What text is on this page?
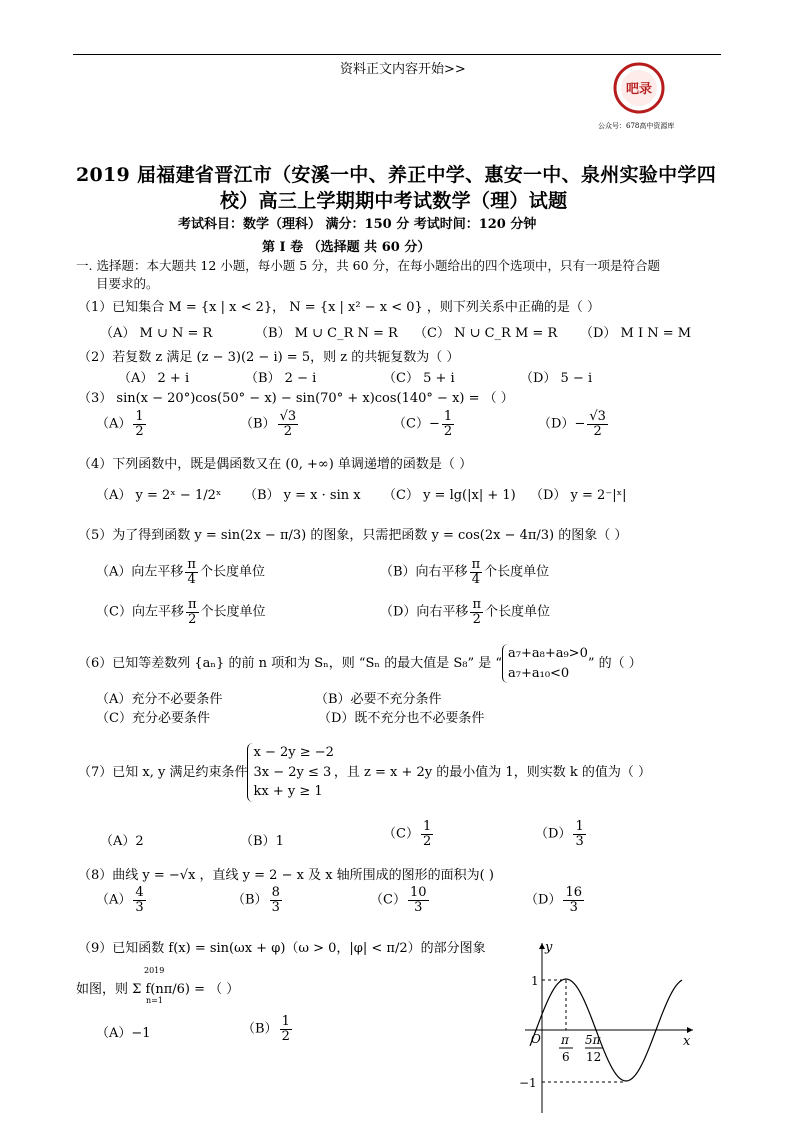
资料正文内容开始>>
吧录
公众号：678高中资源库
2019 届福建省晋江市（安溪一中、养正中学、惠安一中、泉州实验中学四
校）高三上学期期中考试数学（理）试题
考试科目：数学（理科） 满分：150 分 考试时间：120 分钟
第 Ⅰ 卷 （选择题 共 60 分）
一. 选择题：本大题共 12 小题，每小题 5 分，共 60 分，在每小题给出的四个选项中，只有一项是符合题
目要求的。
（1）已知集合 M = {x | x < 2}， N = {x | x² − x < 0} ，则下列关系中正确的是（ ）
（A） M ∪ N = R	（B） M ∪ C_R N = R （C） N ∪ C_R M = R （D） M Ⅰ N = M
（2）若复数 z 满足 (z − 3)(2 − i) = 5，则 z 的共轭复数为（ ）
（A） 2 + i	（B） 2 − i	（C） 5 + i	（D） 5 − i
（3） sin(x − 20°)cos(50° − x) − sin(70° + x)cos(140° − x) = （ ）
$(A) \frac{1}{2}$	$(B) \frac{√3}{2}$	$(C)- \frac{1}{2}$	$(D)- \frac{√3}{2}$
（4）下列函数中，既是偶函数又在 (0, +∞) 单调递增的函数是（ ）
（A） y = 2ˣ − 1/2ˣ （B） y = x · sin x （C） y = lg(|x| + 1) （D） y = 2⁻|ˣ|
（5）为了得到函数 y = sin(2x − π/3) 的图象，只需把函数 y = cos(2x − 4π/3) 的图象（ ）
（A）向左平移 $\frac{\pi}{4}$ 个长度单位	（B）向右平移 $\frac{\pi}{4}$ 个长度单位
（C）向左平移 $\frac{\pi}{2}$ 个长度单位	（D）向右平移 $\frac{\pi}{2}$ 个长度单位
（6）已知等差数列 {aₙ} 的前 n 项和为 Sₙ，则 “Sₙ 的最大值是 S₈” 是 “a₇+a₈+a₉>0
a₇+a₁₀<0” 的（ ）
（A）充分不必要条件	（B）必要不充分条件
（C）充分必要条件	（D）既不充分也不必要条件
（7）已知 x, y 满足约束条件x − 2y ≥ −2
3x − 2y ≤ 3
kx + y ≥ 1，且 z = x + 2y 的最小值为 1，则实数 k 的值为（ ）
（A）2	（B）1	$(C) \frac{1}{2}$	$(D) \frac{1}{3}$
（8）曲线 y = −√x ，直线 y = 2 − x 及 x 轴所围成的图形的面积为( )
$(A) \frac{4}{3}$	$(B) \frac{8}{3}$	$(C) \frac{10}{3}$	$(D) \frac{16}{3}$
（9）已知函数 f(x) = sin(ωx + φ)（ω > 0，|φ| < π/2）的部分图象
如图，则 Σ f(nπ/6) = （ ）
2019
n=1
（A）−1	$(B) \frac{1}{2}$
y
x
O
1
−1
π
6
5π
12
